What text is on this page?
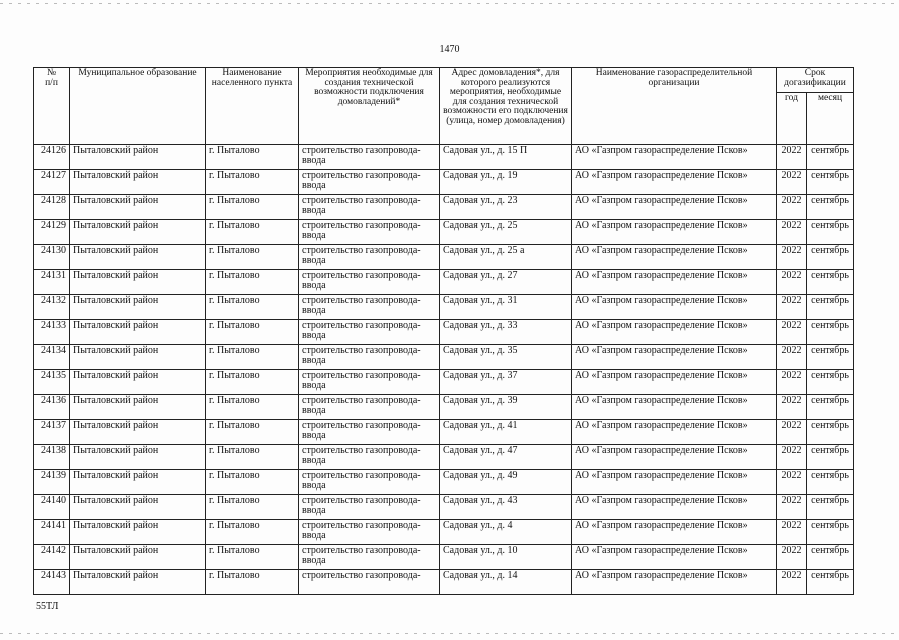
1470
№
п/п	Муниципальное образование	Наименование населенного пункта	Мероприятия необходимые для создания технической возможности подключения домовладений*	Адрес домовладения*, для которого реализуются мероприятия, необходимые для создания технической возможности его подключения (улица, номер домовладения)	Наименование газораспределительной организации	Срок догазификации	
						год	месяц
24126	Пыталовский район	г. Пыталово	строительство газопровода-ввода	Садовая ул., д. 15 П	АО «Газпром газораспределение Псков»	2022	сентябрь
24127	Пыталовский район	г. Пыталово	строительство газопровода-ввода	Садовая ул., д. 19	АО «Газпром газораспределение Псков»	2022	сентябрь
24128	Пыталовский район	г. Пыталово	строительство газопровода-ввода	Садовая ул., д. 23	АО «Газпром газораспределение Псков»	2022	сентябрь
24129	Пыталовский район	г. Пыталово	строительство газопровода-ввода	Садовая ул., д. 25	АО «Газпром газораспределение Псков»	2022	сентябрь
24130	Пыталовский район	г. Пыталово	строительство газопровода-ввода	Садовая ул., д. 25 а	АО «Газпром газораспределение Псков»	2022	сентябрь
24131	Пыталовский район	г. Пыталово	строительство газопровода-ввода	Садовая ул., д. 27	АО «Газпром газораспределение Псков»	2022	сентябрь
24132	Пыталовский район	г. Пыталово	строительство газопровода-ввода	Садовая ул., д. 31	АО «Газпром газораспределение Псков»	2022	сентябрь
24133	Пыталовский район	г. Пыталово	строительство газопровода-ввода	Садовая ул., д. 33	АО «Газпром газораспределение Псков»	2022	сентябрь
24134	Пыталовский район	г. Пыталово	строительство газопровода-ввода	Садовая ул., д. 35	АО «Газпром газораспределение Псков»	2022	сентябрь
24135	Пыталовский район	г. Пыталово	строительство газопровода-ввода	Садовая ул., д. 37	АО «Газпром газораспределение Псков»	2022	сентябрь
24136	Пыталовский район	г. Пыталово	строительство газопровода-ввода	Садовая ул., д. 39	АО «Газпром газораспределение Псков»	2022	сентябрь
24137	Пыталовский район	г. Пыталово	строительство газопровода-ввода	Садовая ул., д. 41	АО «Газпром газораспределение Псков»	2022	сентябрь
24138	Пыталовский район	г. Пыталово	строительство газопровода-ввода	Садовая ул., д. 47	АО «Газпром газораспределение Псков»	2022	сентябрь
24139	Пыталовский район	г. Пыталово	строительство газопровода-ввода	Садовая ул., д. 49	АО «Газпром газораспределение Псков»	2022	сентябрь
24140	Пыталовский район	г. Пыталово	строительство газопровода-ввода	Садовая ул., д. 43	АО «Газпром газораспределение Псков»	2022	сентябрь
24141	Пыталовский район	г. Пыталово	строительство газопровода-ввода	Садовая ул., д. 4	АО «Газпром газораспределение Псков»	2022	сентябрь
24142	Пыталовский район	г. Пыталово	строительство газопровода-ввода	Садовая ул., д. 10	АО «Газпром газораспределение Псков»	2022	сентябрь
24143	Пыталовский район	г. Пыталово	строительство газопровода-	Садовая ул., д. 14	АО «Газпром газораспределение Псков»	2022	сентябрь
55ТЛ
